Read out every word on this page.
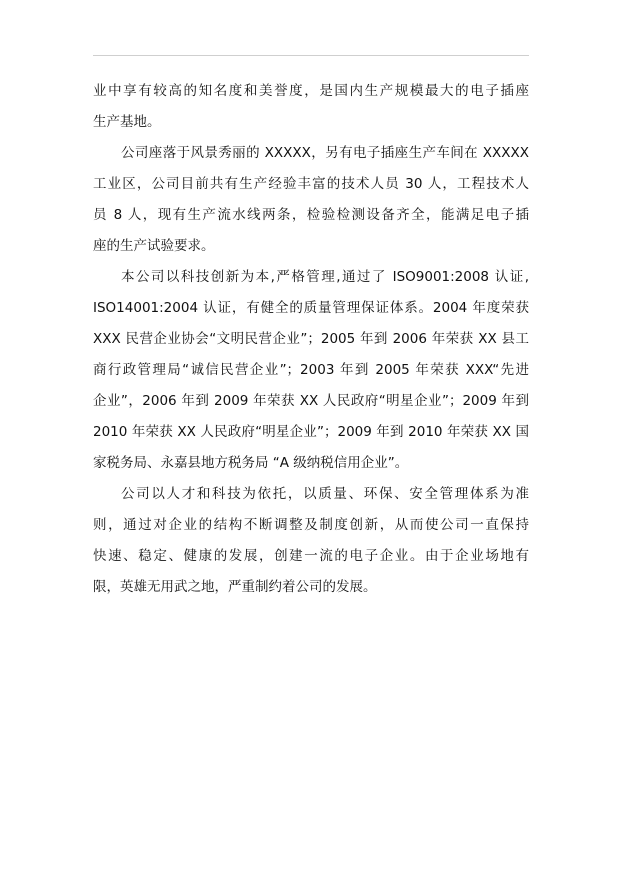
业中享有较高的知名度和美誉度，是国内生产规模最大的电子插座
生产基地。
公司座落于风景秀丽的 XXXXX，另有电子插座生产车间在 XXXXX
工业区，公司目前共有生产经验丰富的技术人员 30 人，工程技术人
员 8 人，现有生产流水线两条，检验检测设备齐全，能满足电子插
座的生产试验要求。
本公司以科技创新为本,严格管理,通过了 ISO9001:2008 认证,
ISO14001:2004 认证，有健全的质量管理保证体系。2004 年度荣获
XXX 民营企业协会“文明民营企业”；2005 年到 2006 年荣获 XX 县工
商行政管理局“诚信民营企业”；2003 年到 2005 年荣获 XXX“先进
企业”，2006 年到 2009 年荣获 XX 人民政府“明星企业”；2009 年到
2010 年荣获 XX 人民政府“明星企业”；2009 年到 2010 年荣获 XX 国
家税务局、永嘉县地方税务局 “A 级纳税信用企业”。
公司以人才和科技为依托，以质量、环保、安全管理体系为准
则，通过对企业的结构不断调整及制度创新，从而使公司一直保持
快速、稳定、健康的发展，创建一流的电子企业。由于企业场地有
限，英雄无用武之地，严重制约着公司的发展。
